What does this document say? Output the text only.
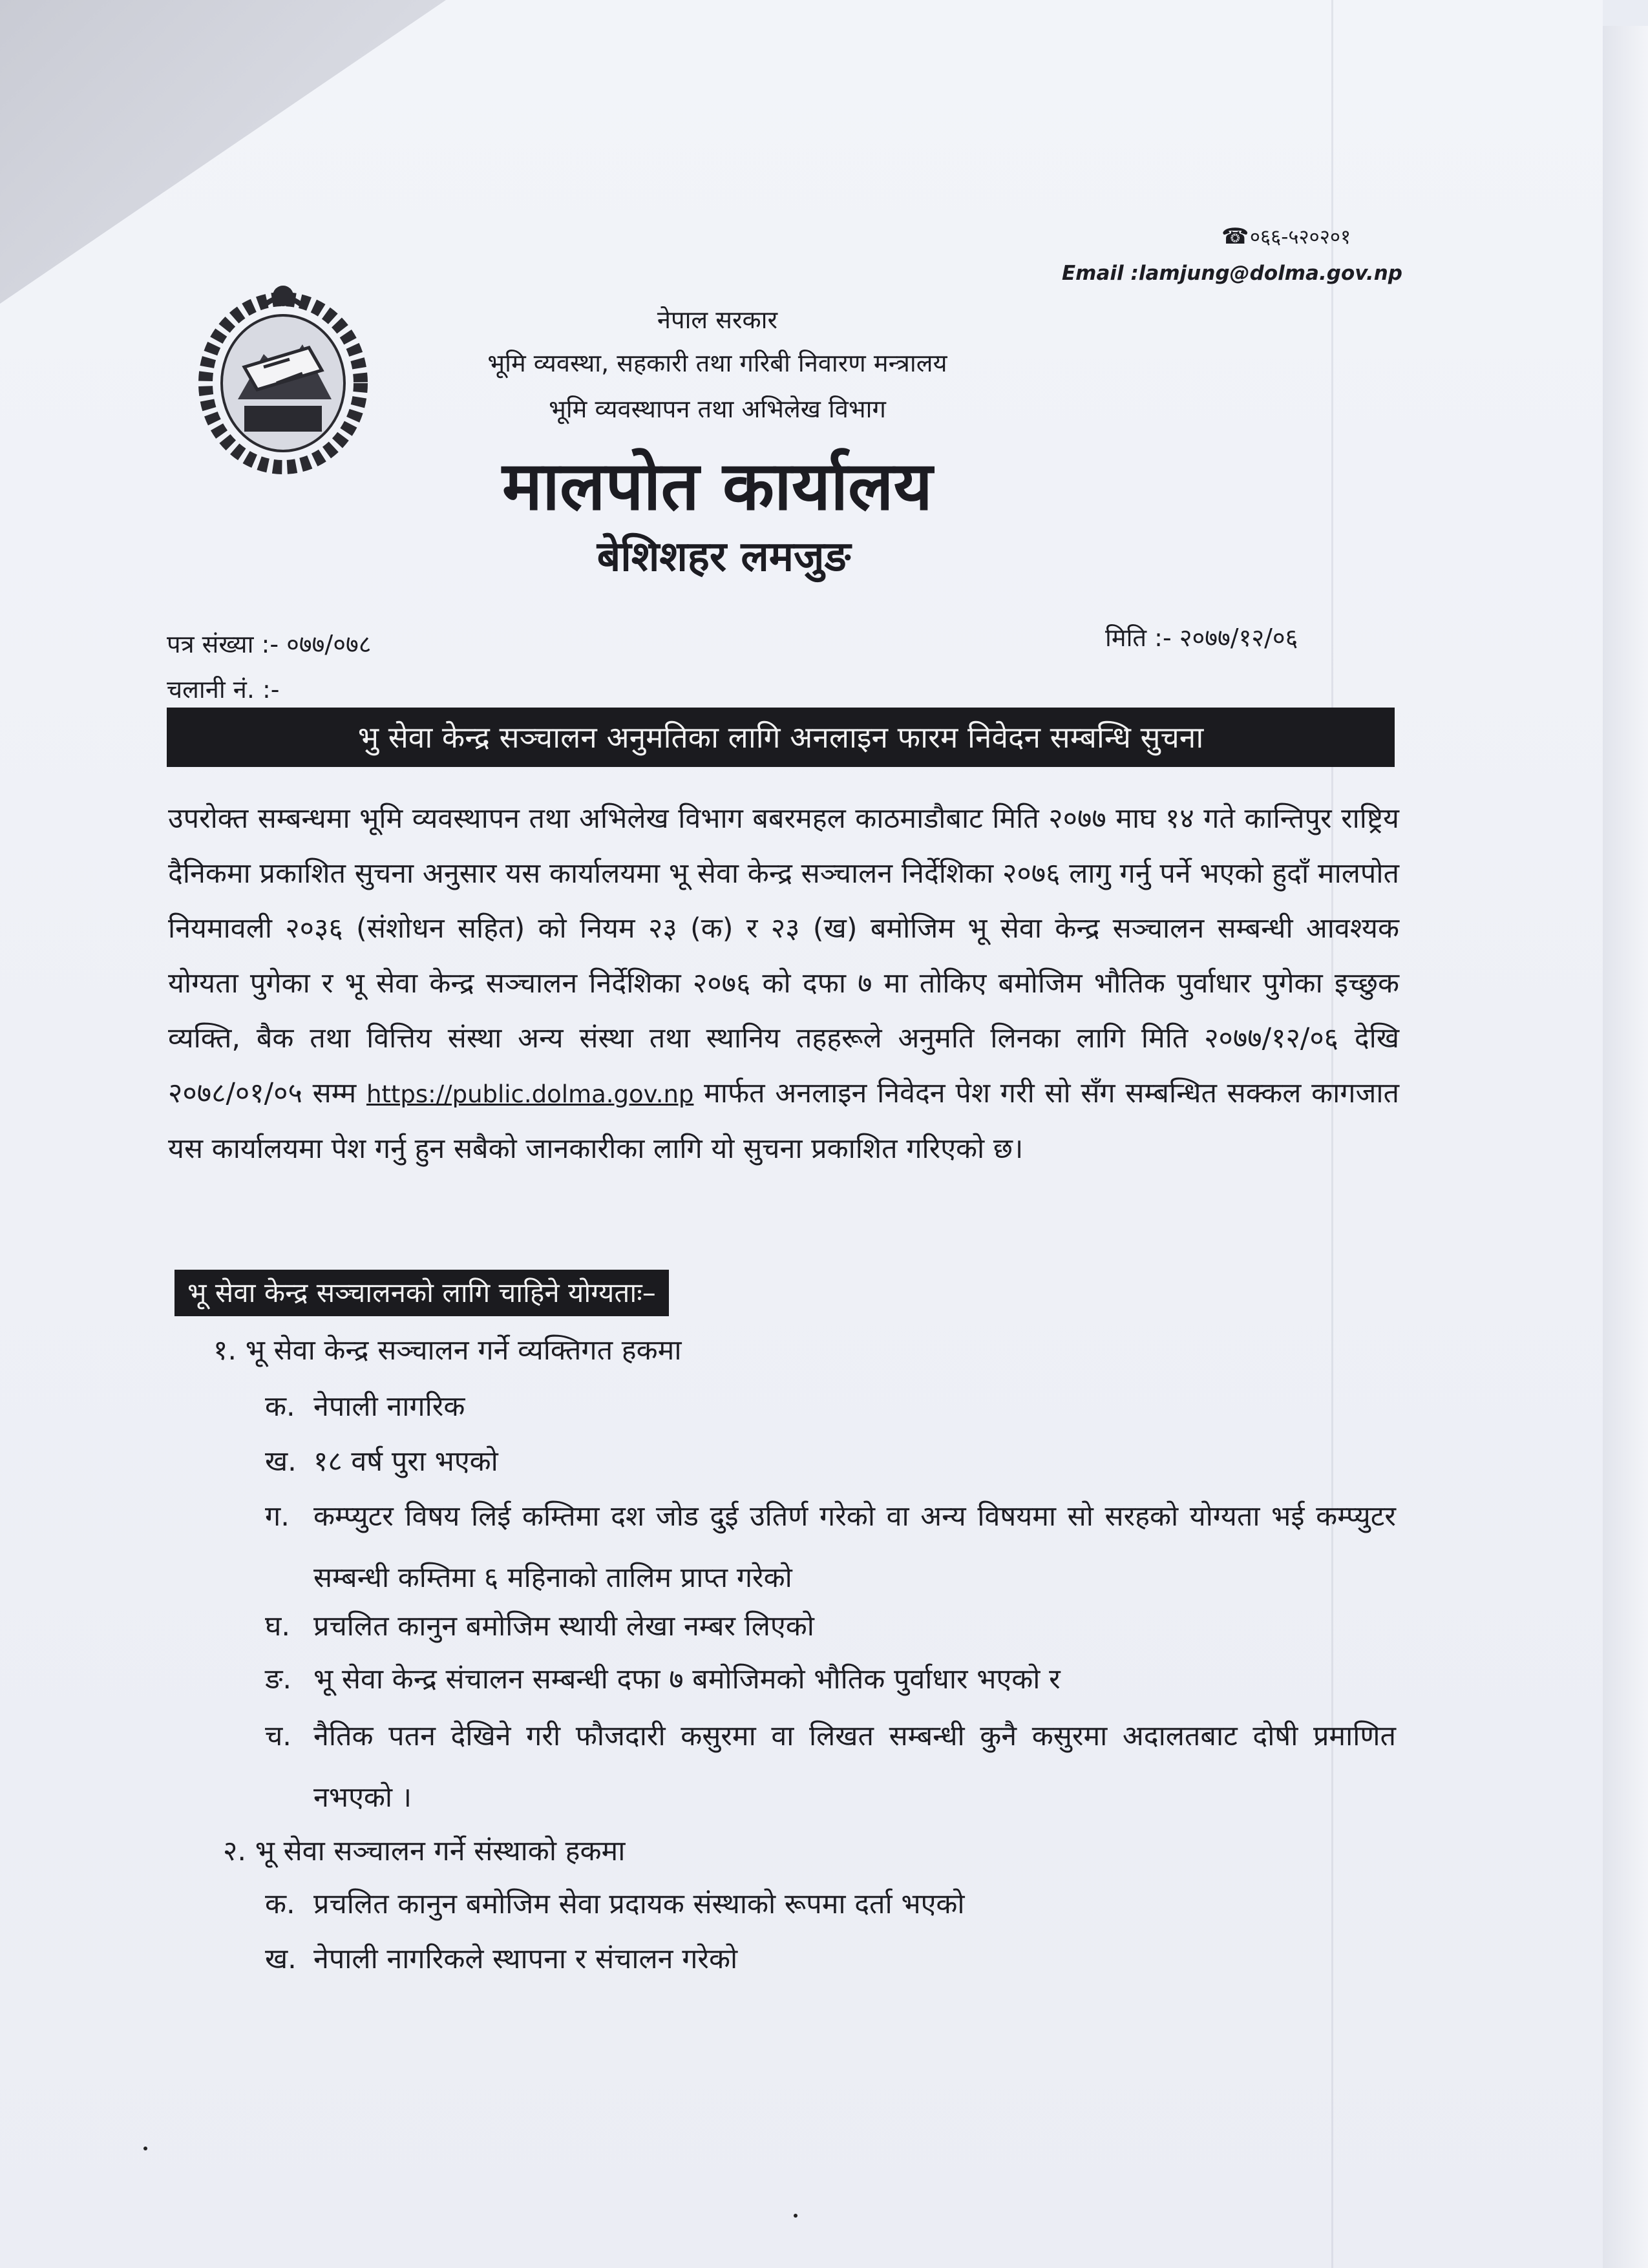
☎ ०६६-५२०२०१
Email :lamjung@dolma.gov.np
नेपाल सरकार
भूमि व्यवस्था, सहकारी तथा गरिबी निवारण मन्त्रालय
भूमि व्यवस्थापन तथा अभिलेख विभाग
मालपोत कार्यालय
बेशिशहर लमजुङ
पत्र संख्या :- ०७७/०७८	मिति :- २०७७/१२/०६
चलानी नं. :-
भु सेवा केन्द्र सञ्चालन अनुमतिका लागि अनलाइन फारम निवेदन सम्बन्धि सुचना
उपरोक्त सम्बन्धमा भूमि व्यवस्थापन तथा अभिलेख विभाग बबरमहल काठमाडौबाट मिति २०७७ माघ १४ गते कान्तिपुर राष्ट्रिय दैनिकमा प्रकाशित सुचना अनुसार यस कार्यालयमा भू सेवा केन्द्र सञ्चालन निर्देशिका २०७६ लागु गर्नु पर्ने भएको हुदाँ मालपोत नियमावली २०३६ (संशोधन सहित) को नियम २३ (क) र २३ (ख) बमोजिम भू सेवा केन्द्र सञ्चालन सम्बन्धी आवश्यक योग्यता पुगेका र भू सेवा केन्द्र सञ्चालन निर्देशिका २०७६ को दफा ७ मा तोकिए बमोजिम भौतिक पुर्वाधार पुगेका इच्छुक व्यक्ति, बैक तथा वित्तिय संस्था अन्य संस्था तथा स्थानिय तहहरूले अनुमति लिनका लागि मिति २०७७/१२/०६ देखि २०७८/०१/०५ सम्म https://public.dolma.gov.np मार्फत अनलाइन निवेदन पेश गरी सो सँग सम्बन्धित सक्कल कागजात यस कार्यालयमा पेश गर्नु हुन सबैको जानकारीका लागि यो सुचना प्रकाशित गरिएको छ।
भू सेवा केन्द्र सञ्चालनको लागि चाहिने योग्यताः–
१. भू सेवा केन्द्र सञ्चालन गर्ने व्यक्तिगत हकमा
क. नेपाली नागरिक
ख. १८ वर्ष पुरा भएको
ग. कम्प्युटर विषय लिई कम्तिमा दश जोड दुई उतिर्ण गरेको वा अन्य विषयमा सो सरहको योग्यता भई कम्प्युटर सम्बन्धी कम्तिमा ६ महिनाको तालिम प्राप्त गरेको
घ. प्रचलित कानुन बमोजिम स्थायी लेखा नम्बर लिएको
ङ. भू सेवा केन्द्र संचालन सम्बन्धी दफा ७ बमोजिमको भौतिक पुर्वाधार भएको र
च. नैतिक पतन देखिने गरी फौजदारी कसुरमा वा लिखत सम्बन्धी कुनै कसुरमा अदालतबाट दोषी प्रमाणित नभएको ।
२. भू सेवा सञ्चालन गर्ने संस्थाको हकमा
क. प्रचलित कानुन बमोजिम सेवा प्रदायक संस्थाको रूपमा दर्ता भएको
ख. नेपाली नागरिकले स्थापना र संचालन गरेको
